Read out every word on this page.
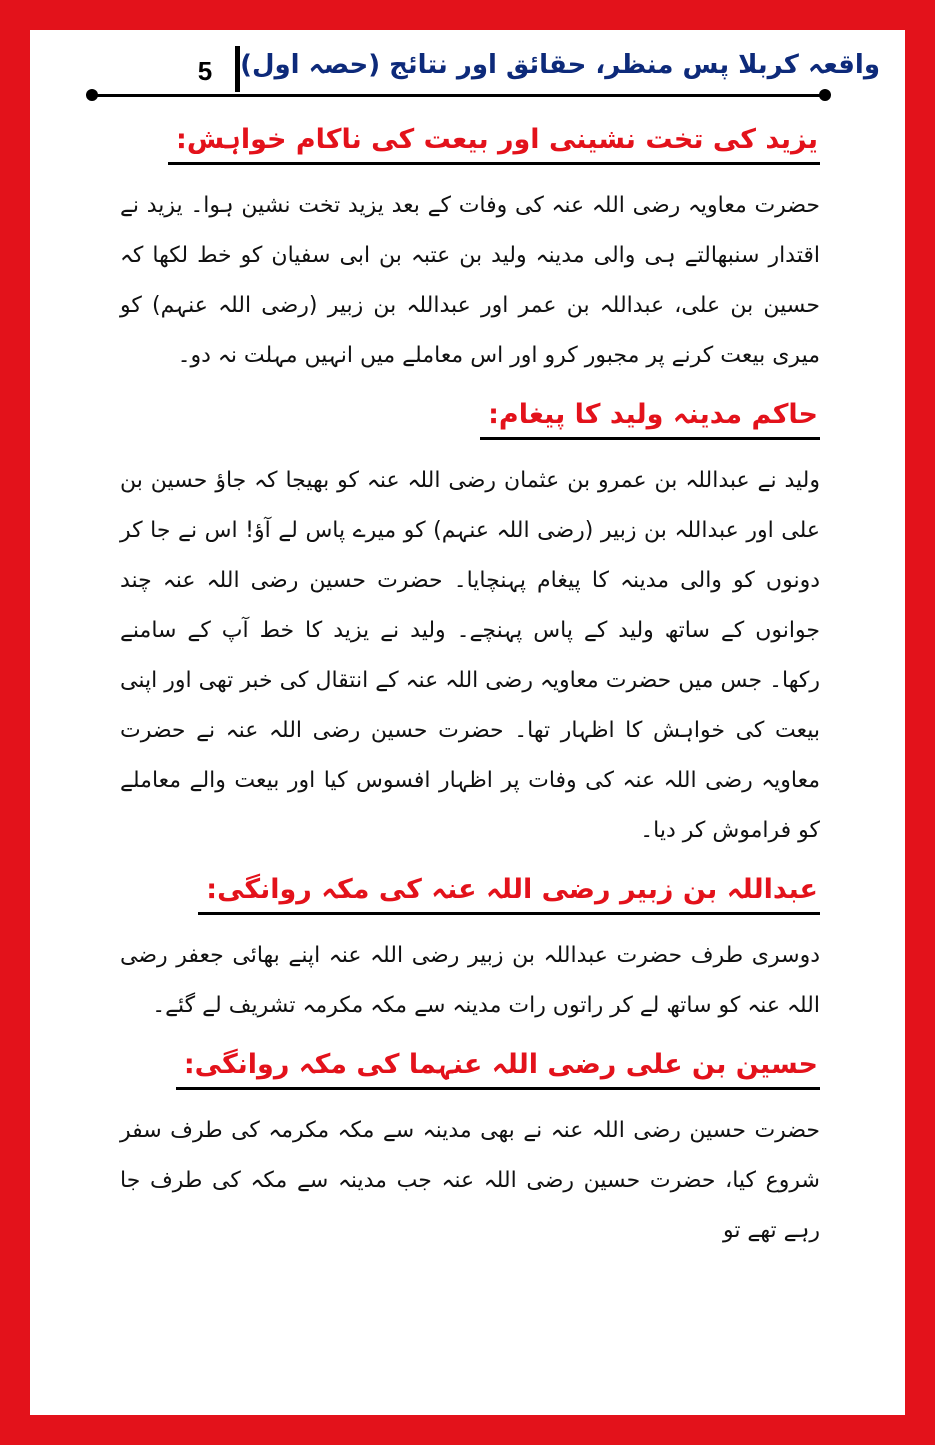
5	واقعہ کربلا پس منظر، حقائق اور نتائج (حصہ اول)
یزید کی تخت نشینی اور بیعت کی ناکام خواہش:

حضرت معاویہ رضی اللہ عنہ کی وفات کے بعد یزید تخت نشین ہوا۔ یزید نے اقتدار سنبھالتے ہی والی مدینہ ولید بن عتبہ بن ابی سفیان کو خط لکھا کہ حسین بن علی، عبداللہ بن عمر اور عبداللہ بن زبیر (رضی اللہ عنہم) کو میری بیعت کرنے پر مجبور کرو اور اس معاملے میں انہیں مہلت نہ دو۔

حاکم مدینہ ولید کا پیغام:

ولید نے عبداللہ بن عمرو بن عثمان رضی اللہ عنہ کو بھیجا کہ جاؤ حسین بن علی اور عبداللہ بن زبیر (رضی اللہ عنہم) کو میرے پاس لے آؤ! اس نے جا کر دونوں کو والی مدینہ کا پیغام پہنچایا۔ حضرت حسین رضی اللہ عنہ چند جوانوں کے ساتھ ولید کے پاس پہنچے۔ ولید نے یزید کا خط آپ کے سامنے رکھا۔ جس میں حضرت معاویہ رضی اللہ عنہ کے انتقال کی خبر تھی اور اپنی بیعت کی خواہش کا اظہار تھا۔ حضرت حسین رضی اللہ عنہ نے حضرت معاویہ رضی اللہ عنہ کی وفات پر اظہار افسوس کیا اور بیعت والے معاملے کو فراموش کر دیا۔

عبداللہ بن زبیر رضی اللہ عنہ کی مکہ روانگی:

دوسری طرف حضرت عبداللہ بن زبیر رضی اللہ عنہ اپنے بھائی جعفر رضی اللہ عنہ کو ساتھ لے کر راتوں رات مدینہ سے مکہ مکرمہ تشریف لے گئے۔

حسین بن علی رضی اللہ عنہما کی مکہ روانگی:

حضرت حسین رضی اللہ عنہ نے بھی مدینہ سے مکہ مکرمہ کی طرف سفر شروع کیا، حضرت حسین رضی اللہ عنہ جب مدینہ سے مکہ کی طرف جا رہے تھے تو
